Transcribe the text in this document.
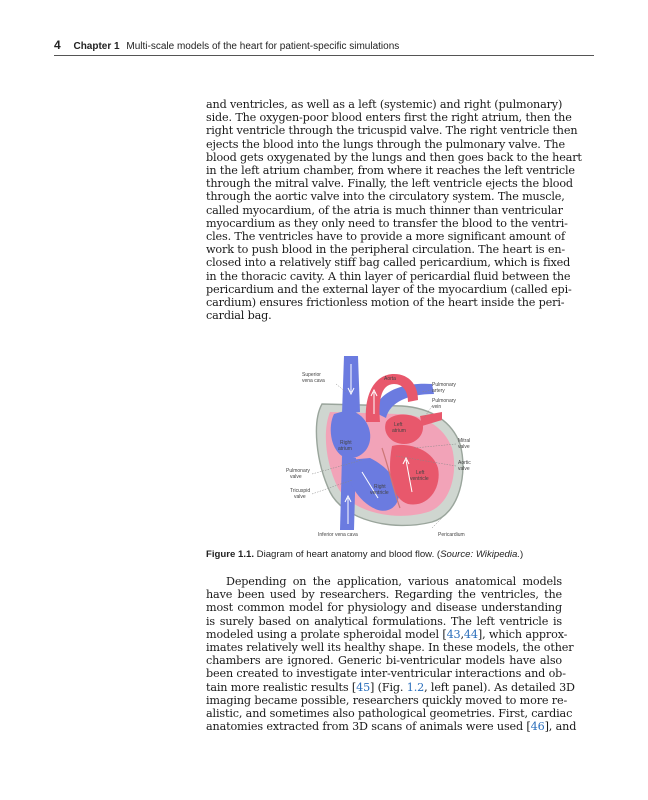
4 Chapter 1 Multi-scale models of the heart for patient-specific simulations
and ventricles, as well as a left (systemic) and right (pulmonary)
side. The oxygen-poor blood enters first the right atrium, then the
right ventricle through the tricuspid valve. The right ventricle then
ejects the blood into the lungs through the pulmonary valve. The
blood gets oxygenated by the lungs and then goes back to the heart
in the left atrium chamber, from where it reaches the left ventricle
through the mitral valve. Finally, the left ventricle ejects the blood
through the aortic valve into the circulatory system. The muscle,
called myocardium, of the atria is much thinner than ventricular
myocardium as they only need to transfer the blood to the ventri-
cles. The ventricles have to provide a more significant amount of
work to push blood in the peripheral circulation. The heart is en-
closed into a relatively stiff bag called pericardium, which is fixed
in the thoracic cavity. A thin layer of pericardial fluid between the
pericardium and the external layer of the myocardium (called epi-
cardium) ensures frictionless motion of the heart inside the peri-
cardial bag.
Superior
vena cava	Aorta
Pulmonary
artery
Pulmonary
vein
Left
atrium
Mitral
valve
Right
atrium
Aortic
valve
Left
ventricle
Pulmonary
valve
Right
ventricle
Tricuspid
valve
Inferior vena cava	Pericardium
Figure 1.1. Diagram of heart anatomy and blood flow. (Source: Wikipedia.)
Depending on the application, various anatomical models
have been used by researchers. Regarding the ventricles, the
most common model for physiology and disease understanding
is surely based on analytical formulations. The left ventricle is
modeled using a prolate spheroidal model [43,44], which approx-
imates relatively well its healthy shape. In these models, the other
chambers are ignored. Generic bi-ventricular models have also
been created to investigate inter-ventricular interactions and ob-
tain more realistic results [45] (Fig. 1.2, left panel). As detailed 3D
imaging became possible, researchers quickly moved to more re-
alistic, and sometimes also pathological geometries. First, cardiac
anatomies extracted from 3D scans of animals were used [46], and
